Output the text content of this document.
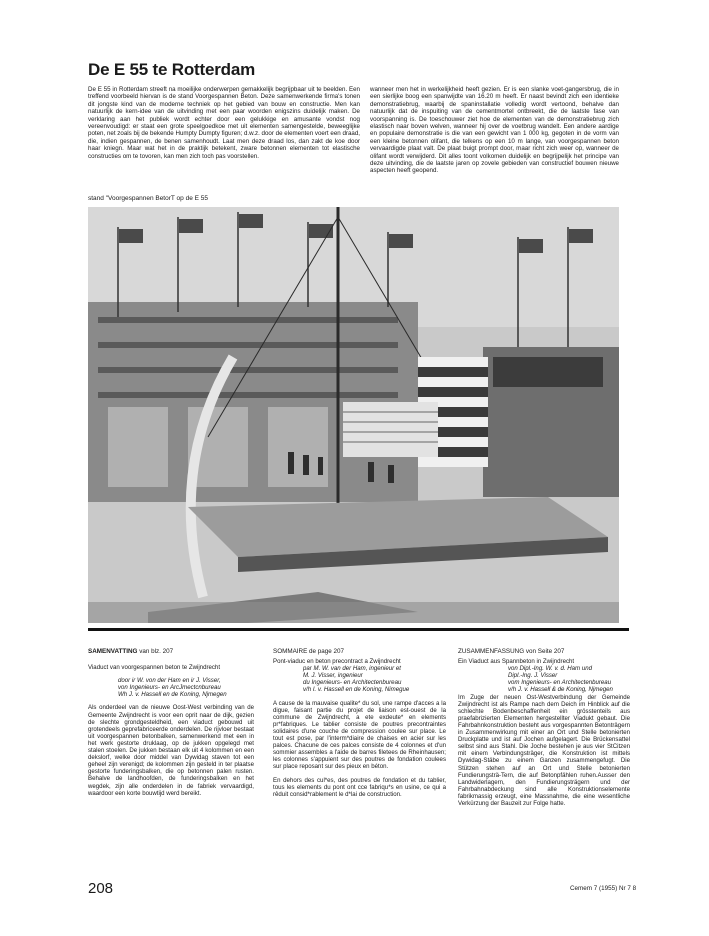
De E 55 te Rotterdam

De E 55 in Rotterdam streeft na moeilijke onderwerpen gemakkelijk begrijpbaar uit te beelden. Een treffend voorbeeld hiervan is de stand Voorgespannen Beton. Deze samenwerkende firma's tonen dit jongste kind van de moderne techniek op het gebied van bouw en constructie. Men kan natuurlijk de kern-idee van de uitvinding met een paar woorden enigszins duidelijk maken. De verklaring aan het publiek wordt echter door een gelukkige en amusante vondst nog vereenvoudigd: er staat een grote speelgoedkoe met uit elementen samengestelde, beweeglijke poten, net zoals bij de bekende Humpty Dumpty figuren; d.w.z. door de elementen voert een draad, die, indien gespannen, de benen samenhoudt. Laat men deze draad los, dan zakt de koe door haar kniegn. Maar wat het in de praktijk betekent, zware betonnen elementen tot elastische constructies om te tovoren, kan men zich toch pas voorstellen.

wanneer men het in werkelijkheid heeft gezien. Er is een slanke voet-gangersbrug, die in een sierlijke boog een spanwijdte van 16.20 m heeft. Er naast bevindt zich een identieke demonstratiebrug, waarbij de spaninstallatie volledig wordt vertoond, behalve dan natuurlijk dat de inspuiting van de cementmortel ontbreekt, die de laatste fase van voorspanning is. De toeschouwer ziet hoe de elementen van de demonstratiebrug zich elastisch naar boven welven, wanneer hij over de voetbrug wandelt. Een andere aardige en populaire demonstratie is die van een gewicht van 1 000 kg, gegoten in de vorm van een kleine betonnen olifant, die telkens op een 10 m lange, van voorgespannen beton vervaardigde plaat valt. De plaat buigt prompt door, maar richt zich weer op, wanneer de olifant wordt verwijderd. Dit alles toont volkomen duidelijk en begrijpelijk het principe van deze uitvinding, die de laatste jaren op zovele gebieden van constructief bouwen nieuwe aspecten heeft geopend.

stand "Voorgespannen BetorT op de E 55

SAMENVATTING van blz. 207

Viaduct van voorgespannen beton te Zwijndrecht

door ir W. von der Ham en ir J. Visser,

von Ingenieurs- en ArcJmectcnbureau

Wh J. v. Hassell en de Koning, Njmegen

Als onderdeel van de nieuwe Oost-West verbinding van de Gemeente Zwijndrecht is voor een oprit naar de dijk, gezien de slechte grondgesteldheid, een viaduct gebouwd uit grotendeels geprefabriceerde onderdelen. De rijvloer bestaat uit voorgespannen betonbalken, samenwerkend met een in het werk gestorte druklaag, op de jukken opgelegd met stalen stoelen. De jukken bestaan elk uit 4 kolommen en een dekslorf, welke door middel van Dywidag staven tot een geheel zijn verenigd; de kolommen zijn gesteld in ter plaatse gestorte funderingsbalken, die op betonnen palen rusten. Behalve de landhoofden, de funderingsbalken en het wegdek, zijn alle onderdelen in de fabriek vervaardigd, waardoor een korte bouwtijd werd bereikt.

SOMMAIRE de page 207

Pont-viaduc en beton precontract a Zwijndrecht

par M. W. van der Ham, ingenieur et

M. J. Visser, ingenieur

du Ingenieurs- en Architectenbureau

v/h I. v. Hassell en de Koning, Nimegue

A cause de la mauvaise qualite* du sol, une rampe d'acces a la digue, faisant partie du projet de liaison est-ouest de la commune de Zwijndrecht, a ete exdeute* en elements pr*fabriques. Le tablier consiste de poutres precontraintes solidaires d'une couche de compression coulee sur place. Le tout est pose, par l'interm*diaire de chaises en acier sur les palces. Chacune de ces palces consiste de 4 colonnes et d'un sommier assembles a l'aide de barres filetees de Rheinhausen; les colonnes s'appuient sur des poutres de fondation coulees sur place reposant sur des pieux en béton.

En dehors des cul*es, des poutres de fondation et du tablier, tous les elements du pont ont cce fabriqu*s en usine, ce qui a rêduit consid*rablement le d*lai de construction.

ZUSAMMENFASSUNG von Seite 207

Ein Viaduct aus Spannbeton in Zwijndrecht

von Dipl.-Ing. W. v. d. Ham und

Dipl.-Ing. J. Visser

vom Ingenieurs- en Architectenbureau

v/h J. v. Hassell & de Koning, Njmegen

Im Zuge der neuen Ost-Westverbindung der Gemeinde Zwijndrecht ist als Rampe nach dem Deich im Hinblick auf die schlechte Bodenbeschaffenheit ein grösstenteils aus praefabrizierten Elementen hergestellter Viadukt gebaut. Die Fahrbahnkonstruktion besteht aus vorgespannten Betonträgern in Zusammenwirkung mit einer an Ort und Stelle betonierten Druckplatte und ist auf Jochen aufgelagert. Die Brückensattel selbst sind aus Stahl. Die Joche bestehen je aus vier StCitzen mit einem Verbindungsträger, die Konstruktion ist mittels Dywidag-Stäbe zu einem Ganzen zusammengefugt. Die Stützen stehen auf an Ort und Stelle betonierten Fundierungsträ-Tern, die auf Betonpfählen ruhen.Ausser den Landwiderlagern, den Fundierungsträgern und der Fahrbahnabdeckung sind alle Konstruktionselemente fabrikmassig erzeugt, eine Massnahme, die eine wesentliche Verkürzung der Bauzeit zur Folge hatte.

208	Cemem 7 (1955) Nr 7 8
